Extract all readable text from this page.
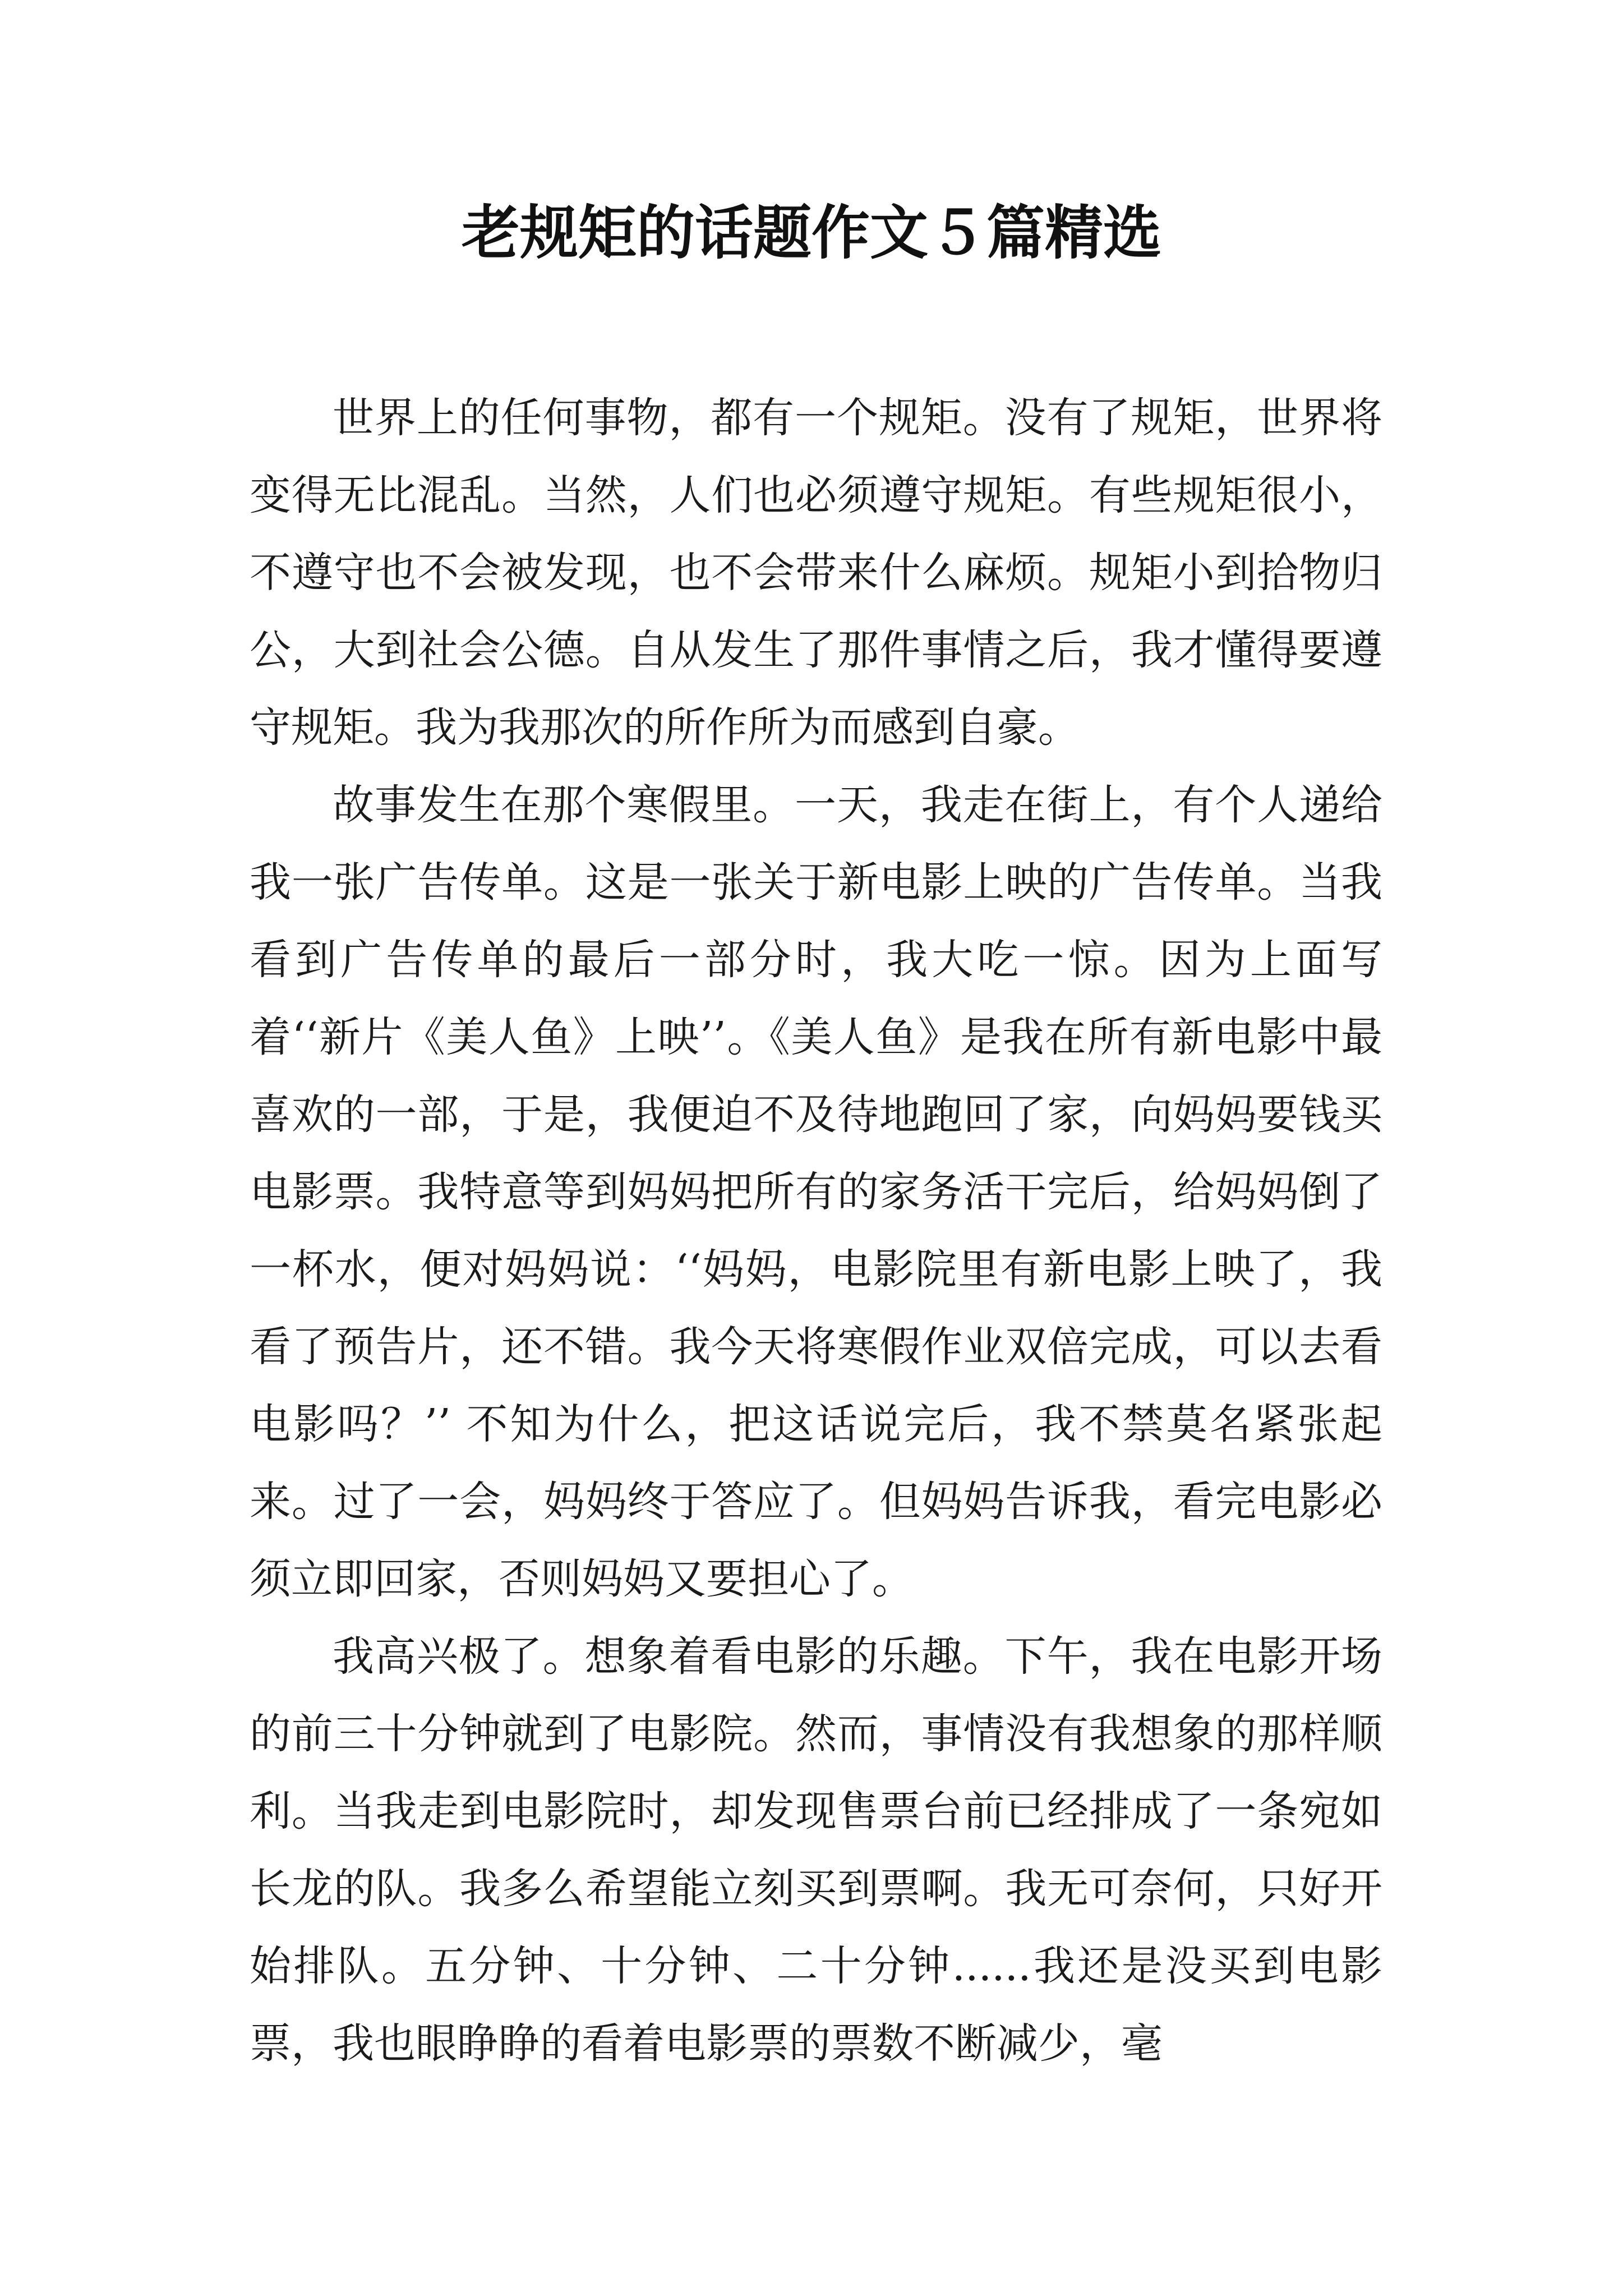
老规矩的话题作文５篇精选

世界上的任何事物，都有一个规矩。没有了规矩，世界将变得无比混乱。当然，人们也必须遵守规矩。有些规矩很小，不遵守也不会被发现，也不会带来什么麻烦。规矩小到拾物归公，大到社会公德。自从发生了那件事情之后，我才懂得要遵守规矩。我为我那次的所作所为而感到自豪。

故事发生在那个寒假里。一天，我走在街上，有个人递给我一张广告传单。这是一张关于新电影上映的广告传单。当我看到广告传单的最后一部分时，我大吃一惊。因为上面写着‘‘新片《美人鱼》上映’’。《美人鱼》是我在所有新电影中最喜欢的一部，于是，我便迫不及待地跑回了家，向妈妈要钱买电影票。我特意等到妈妈把所有的家务活干完后，给妈妈倒了一杯水，便对妈妈说：‘‘妈妈，电影院里有新电影上映了，我看了预告片，还不错。我今天将寒假作业双倍完成，可以去看电影吗？’’ 不知为什么，把这话说完后，我不禁莫名紧张起来。过了一会，妈妈终于答应了。但妈妈告诉我，看完电影必须立即回家，否则妈妈又要担心了。

我高兴极了。想象着看电影的乐趣。下午，我在电影开场的前三十分钟就到了电影院。然而，事情没有我想象的那样顺利。当我走到电影院时，却发现售票台前已经排成了一条宛如长龙的队。我多么希望能立刻买到票啊。我无可奈何，只好开始排队。五分钟、十分钟、二十分钟......我还是没买到电影票，我也眼睁睁的看着电影票的票数不断减少，毫
